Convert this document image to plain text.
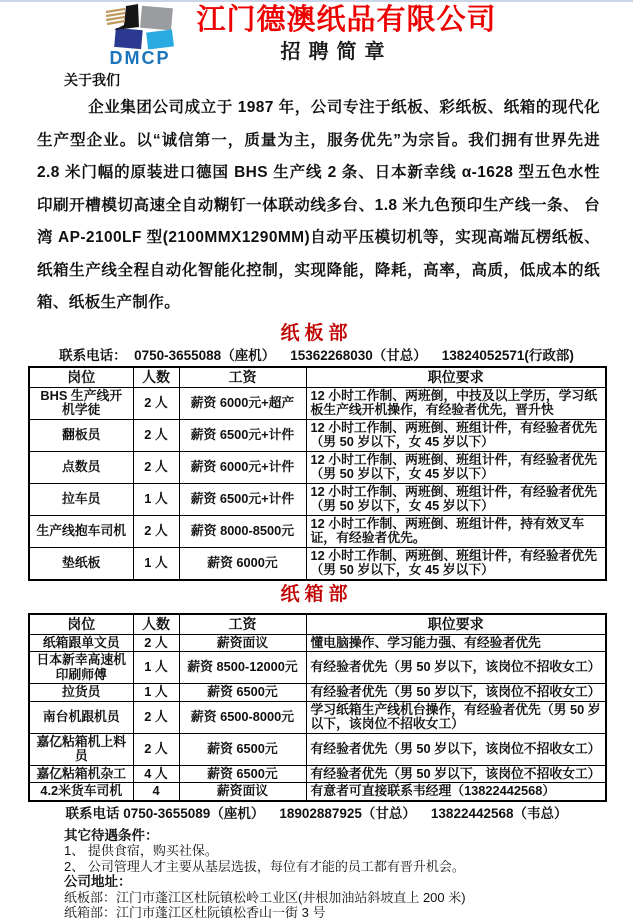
DMCP
江门德澳纸品有限公司
招聘简章
关于我们
企业集团公司成立于 1987 年，公司专注于纸板、彩纸板、纸箱的现代化生产型企业。以“诚信第一，质量为主，服务优先”为宗旨。我们拥有世界先进 2.8 米门幅的原装进口德国 BHS 生产线 2 条、日本新幸线 α-1628 型五色水性印刷开槽模切高速全自动糊钉一体联动线多台、1.8 米九色预印生产线一条、 台湾 AP-2100LF 型(2100MMX1290MM)自动平压模切机等，实现高端瓦楞纸板、纸箱生产线全程自动化智能化控制，实现降能，降耗，高率，高质，低成本的纸箱、纸板生产制作。
纸板部
联系电话：  0750-3655088（座机）    15362268030（甘总）    13824052571(行政部)
岗位	人数	工资	职位要求
BHS 生产线开机学徒	2 人	薪资 6000元+超产	12 小时工作制、两班倒，中技及以上学历，学习纸板生产线开机操作，有经验者优先，晋升快
翻板员	2 人	薪资 6500元+计件	12 小时工作制、两班倒、班组计件，有经验者优先（男 50 岁以下，女 45 岁以下）
点数员	2 人	薪资 6000元+计件	12 小时工作制、两班倒、班组计件，有经验者优先（男 50 岁以下，女 45 岁以下）
拉车员	1 人	薪资 6500元+计件	12 小时工作制、两班倒、班组计件，有经验者优先（男 50 岁以下，女 45 岁以下）
生产线抱车司机	2 人	薪资 8000-8500元	12 小时工作制、两班倒、班组计件，持有效叉车证，有经验者优先。
垫纸板	1 人	薪资 6000元	12 小时工作制、两班倒、班组计件，有经验者优先（男 50 岁以下，女 45 岁以下）
纸箱部
岗位	人数	工资	职位要求
纸箱跟单文员	2 人	薪资面议	懂电脑操作、学习能力强、有经验者优先
日本新幸高速机印刷师傅	1 人	薪资 8500-12000元	有经验者优先（男 50 岁以下，该岗位不招收女工）
拉货员	1 人	薪资 6500元	有经验者优先（男 50 岁以下，该岗位不招收女工）
南台机跟机员	2 人	薪资 6500-8000元	学习纸箱生产线机台操作，有经验者优先（男 50 岁以下，该岗位不招收女工）
嘉亿粘箱机上料员	2 人	薪资 6500元	有经验者优先（男 50 岁以下，该岗位不招收女工）
嘉亿粘箱机杂工	4 人	薪资 6500元	有经验者优先（男 50 岁以下，该岗位不招收女工）
4.2米货车司机	4	薪资面议	有意者可直接联系韦经理（13822442568）
联系电话 0750-3655089（座机）    18902887925（甘总）    13822442568（韦总）
其它待遇条件：
1、 提供食宿，购买社保。
2、 公司管理人才主要从基层选拔，每位有才能的员工都有晋升机会。
公司地址：
纸板部：江门市蓬江区杜阮镇松岭工业区(井根加油站斜坡直上 200 米)
纸箱部：江门市蓬江区杜阮镇松香山一街 3 号
